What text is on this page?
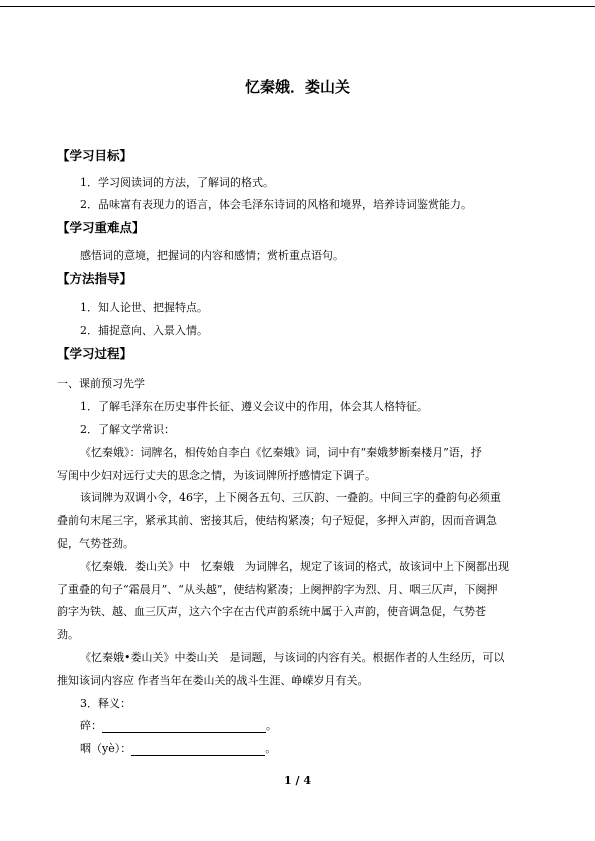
忆秦娥．娄山关
【学习目标】
1．学习阅读词的方法，了解词的格式。
2．品味富有表现力的语言，体会毛泽东诗词的风格和境界，培养诗词鉴赏能力。
【学习重难点】
感悟词的意境，把握词的内容和感情；赏析重点语句。
【方法指导】
1．知人论世、把握特点。
2．捕捉意向、入景入情。
【学习过程】
一、课前预习先学
1．了解毛泽东在历史事件长征、遵义会议中的作用，体会其人格特征。
2．了解文学常识：
《忆秦娥》：词牌名，相传始自李白《忆秦娥》词，词中有“秦娥梦断秦楼月”语，抒
写闺中少妇对远行丈夫的思念之情，为该词牌所抒感情定下调子。
该词牌为双调小令，46字，上下阕各五句、三仄韵、一叠韵。中间三字的叠韵句必须重
叠前句末尾三字，紧承其前、密接其后，使结构紧凑；句子短促，多押入声韵，因而音调急
促，气势苍劲。
《忆秦娥．娄山关》中　忆秦娥　为词牌名，规定了该词的格式，故该词中上下阕都出现
了重叠的句子“霜晨月”、“从头越”，使结构紧凑；上阕押韵字为烈、月、咽三仄声，下阕押
韵字为铁、越、血三仄声，这六个字在古代声韵系统中属于入声韵，使音调急促，气势苍
劲。
《忆秦娥•娄山关》中娄山关　是词题，与该词的内容有关。根据作者的人生经历，可以
推知该词内容应 作者当年在娄山关的战斗生涯、峥嵘岁月有关。
3．释义：
碎：	。
咽（yè）：	。
1 / 4
